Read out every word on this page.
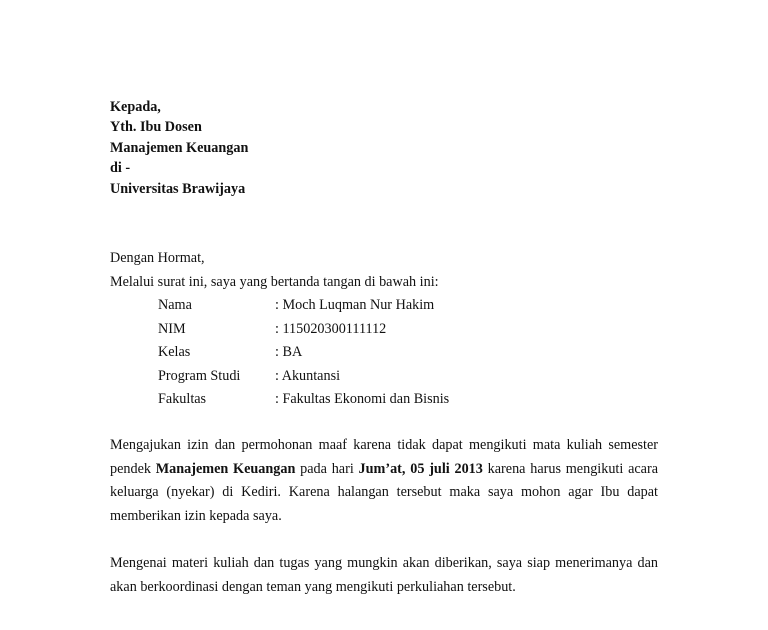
Kepada,
Yth. Ibu Dosen
Manajemen Keuangan
di -
Universitas Brawijaya
Dengan Hormat,
Melalui surat ini, saya yang bertanda tangan di bawah ini:
Nama	: Moch Luqman Nur Hakim
NIM	: 115020300111112
Kelas	: BA
Program Studi	: Akuntansi
Fakultas	: Fakultas Ekonomi dan Bisnis

Mengajukan izin dan permohonan maaf karena tidak dapat mengikuti mata kuliah semester pendek Manajemen Keuangan pada hari Jum’at, 05 juli 2013 karena harus mengikuti acara keluarga (nyekar) di Kediri. Karena halangan tersebut maka saya mohon agar Ibu dapat memberikan izin kepada saya.

Mengenai materi kuliah dan tugas yang mungkin akan diberikan, saya siap menerimanya dan akan berkoordinasi dengan teman yang mengikuti perkuliahan tersebut.
